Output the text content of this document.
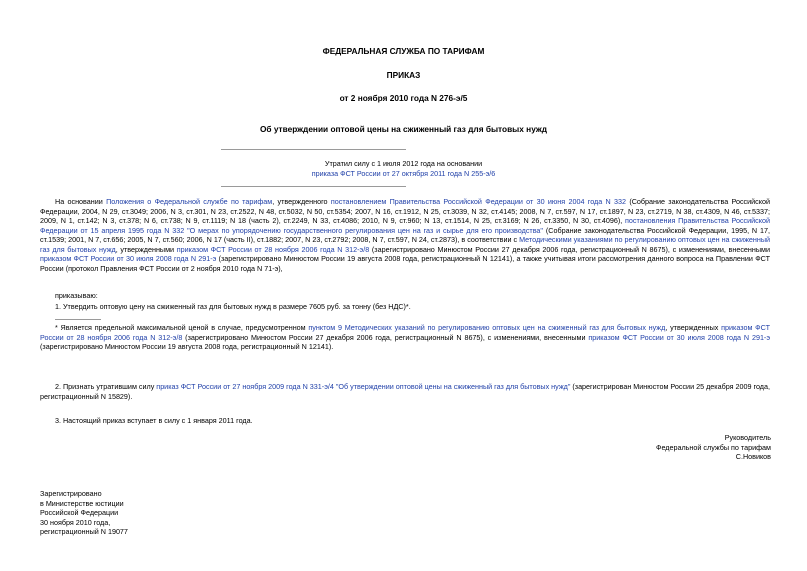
ФЕДЕРАЛЬНАЯ СЛУЖБА ПО ТАРИФАМ
ПРИКАЗ
от 2 ноября 2010 года N 276-э/5
Об утверждении оптовой цены на сжиженный газ для бытовых нужд
Утратил силу с 1 июля 2012 года на основании
приказа ФСТ России от 27 октября 2011 года N 255-э/6
На основании Положения о Федеральной службе по тарифам, утвержденного постановлением Правительства Российской Федерации от 30 июня 2004 года N 332 (Собрание законодательства Российской Федерации, 2004, N 29, ст.3049; 2006, N 3, ст.301, N 23, ст.2522, N 48, ст.5032, N 50, ст.5354; 2007, N 16, ст.1912, N 25, ст.3039, N 32, ст.4145; 2008, N 7, ст.597, N 17, ст.1897, N 23, ст.2719, N 38, ст.4309, N 46, ст.5337; 2009, N 1, ст.142; N 3, ст.378; N 6, ст.738; N 9, ст.1119; N 18 (часть 2), ст.2249, N 33, ст.4086; 2010, N 9, ст.960; N 13, ст.1514, N 25, ст.3169; N 26, ст.3350, N 30, ст.4096), постановления Правительства Российской Федерации от 15 апреля 1995 года N 332 "О мерах по упорядочению государственного регулирования цен на газ и сырье для его производства" (Собрание законодательства Российской Федерации, 1995, N 17, ст.1539; 2001, N 7, ст.656; 2005, N 7, ст.560; 2006, N 17 (часть II), ст.1882; 2007, N 23, ст.2792; 2008, N 7, ст.597, N 24, ст.2873), в соответствии с Методическими указаниями по регулированию оптовых цен на сжиженный газ для бытовых нужд, утвержденными приказом ФСТ России от 28 ноября 2006 года N 312-э/8 (зарегистрировано Минюстом России 27 декабря 2006 года, регистрационный N 8675), с изменениями, внесенными приказом ФСТ России от 30 июля 2008 года N 291-э (зарегистрировано Минюстом России 19 августа 2008 года, регистрационный N 12141), а также учитывая итоги рассмотрения данного вопроса на Правлении ФСТ России (протокол Правления ФСТ России от 2 ноября 2010 года N 71-э),
приказываю:
1. Утвердить оптовую цену на сжиженный газ для бытовых нужд в размере 7605 руб. за тонну (без НДС)*.
* Является предельной максимальной ценой в случае, предусмотренном пунктом 9 Методических указаний по регулированию оптовых цен на сжиженный газ для бытовых нужд, утвержденных приказом ФСТ России от 28 ноября 2006 года N 312-э/8 (зарегистрировано Минюстом России 27 декабря 2006 года, регистрационный N 8675), с изменениями, внесенными приказом ФСТ России от 30 июля 2008 года N 291-э (зарегистрировано Минюстом России 19 августа 2008 года, регистрационный N 12141).
2. Признать утратившим силу приказ ФСТ России от 27 ноября 2009 года N 331-э/4 "Об утверждении оптовой цены на сжиженный газ для бытовых нужд" (зарегистрирован Минюстом России 25 декабря 2009 года, регистрационный N 15829).
3. Настоящий приказ вступает в силу с 1 января 2011 года.
Руководитель
Федеральной службы по тарифам
С.Новиков
Зарегистрировано
в Министерстве юстиции
Российской Федерации
30 ноября 2010 года,
регистрационный N 19077
